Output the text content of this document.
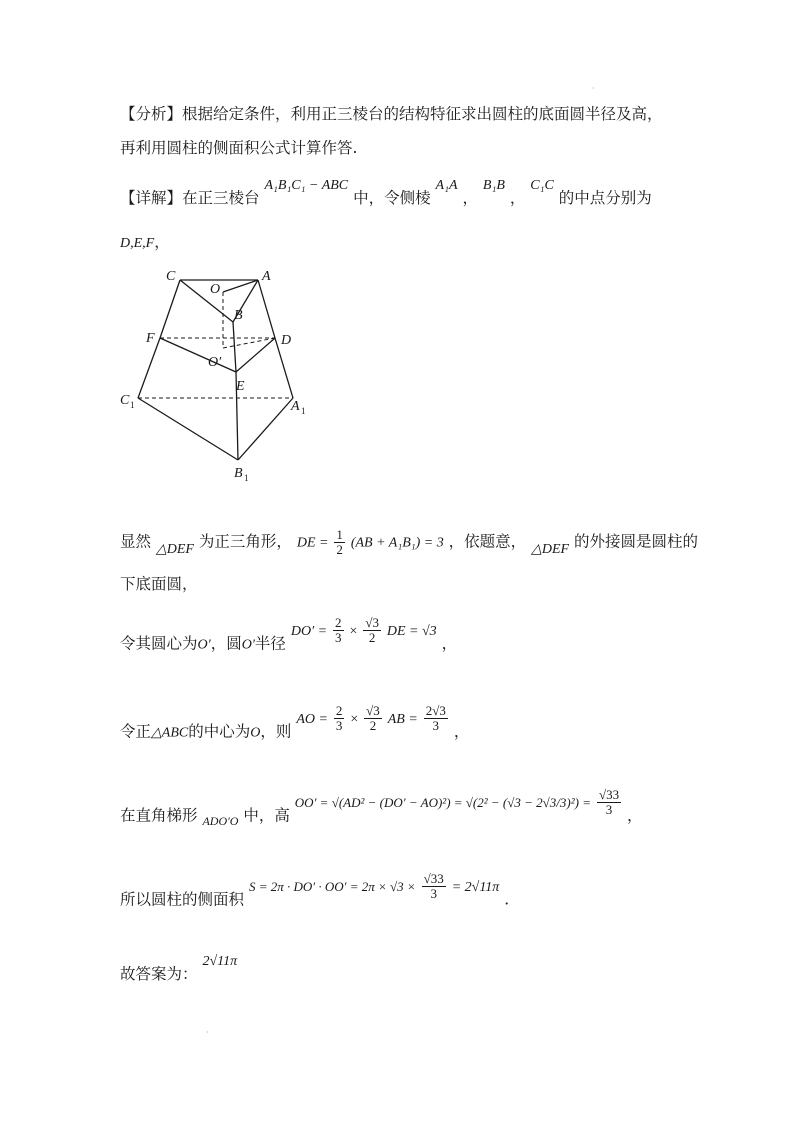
·
【分析】根据给定条件，利用正三棱台的结构特征求出圆柱的底面圆半径及高，
再利用圆柱的侧面积公式计算作答.
【详解】在正三棱台 A₁B₁C₁ − ABC 中，令侧棱 A₁A ， B₁B ， C₁C 的中点分别为
D,E,F，
C	A
O
B
F	D
O′
E
C 1	A 1
B 1
显然 △DEF 为正三角形， DE = $\frac{1}{2} (AB + A_1B_1) = 3$ ，依题意， △DEF 的外接圆是圆柱的
下底面圆，
令其圆心为O′，圆O′半径 $DO' = \frac{2}{3} \times \frac{√3}{2}$ DE = √3 ，
令正△ABC的中心为O，则 AO = $\frac{2}{3} \times \frac{√3}{2}$ AB = $\frac{2√3}{3}$ ，
在直角梯形 $_{ADO'O}$ 中，高 $^{OO' = √(AD^2 - (DO' - AO)^2) = √(2^2 - (√3 - 2√3/3)^2) =} \frac{√33}{3}$ ，
所以圆柱的侧面积 $^{S = 2\pi \cdot DO' \cdot OO' = 2\pi \times √3 \times} \frac{√33}{3} = 2√11\pi$ .
故答案为： 2√11π
·
